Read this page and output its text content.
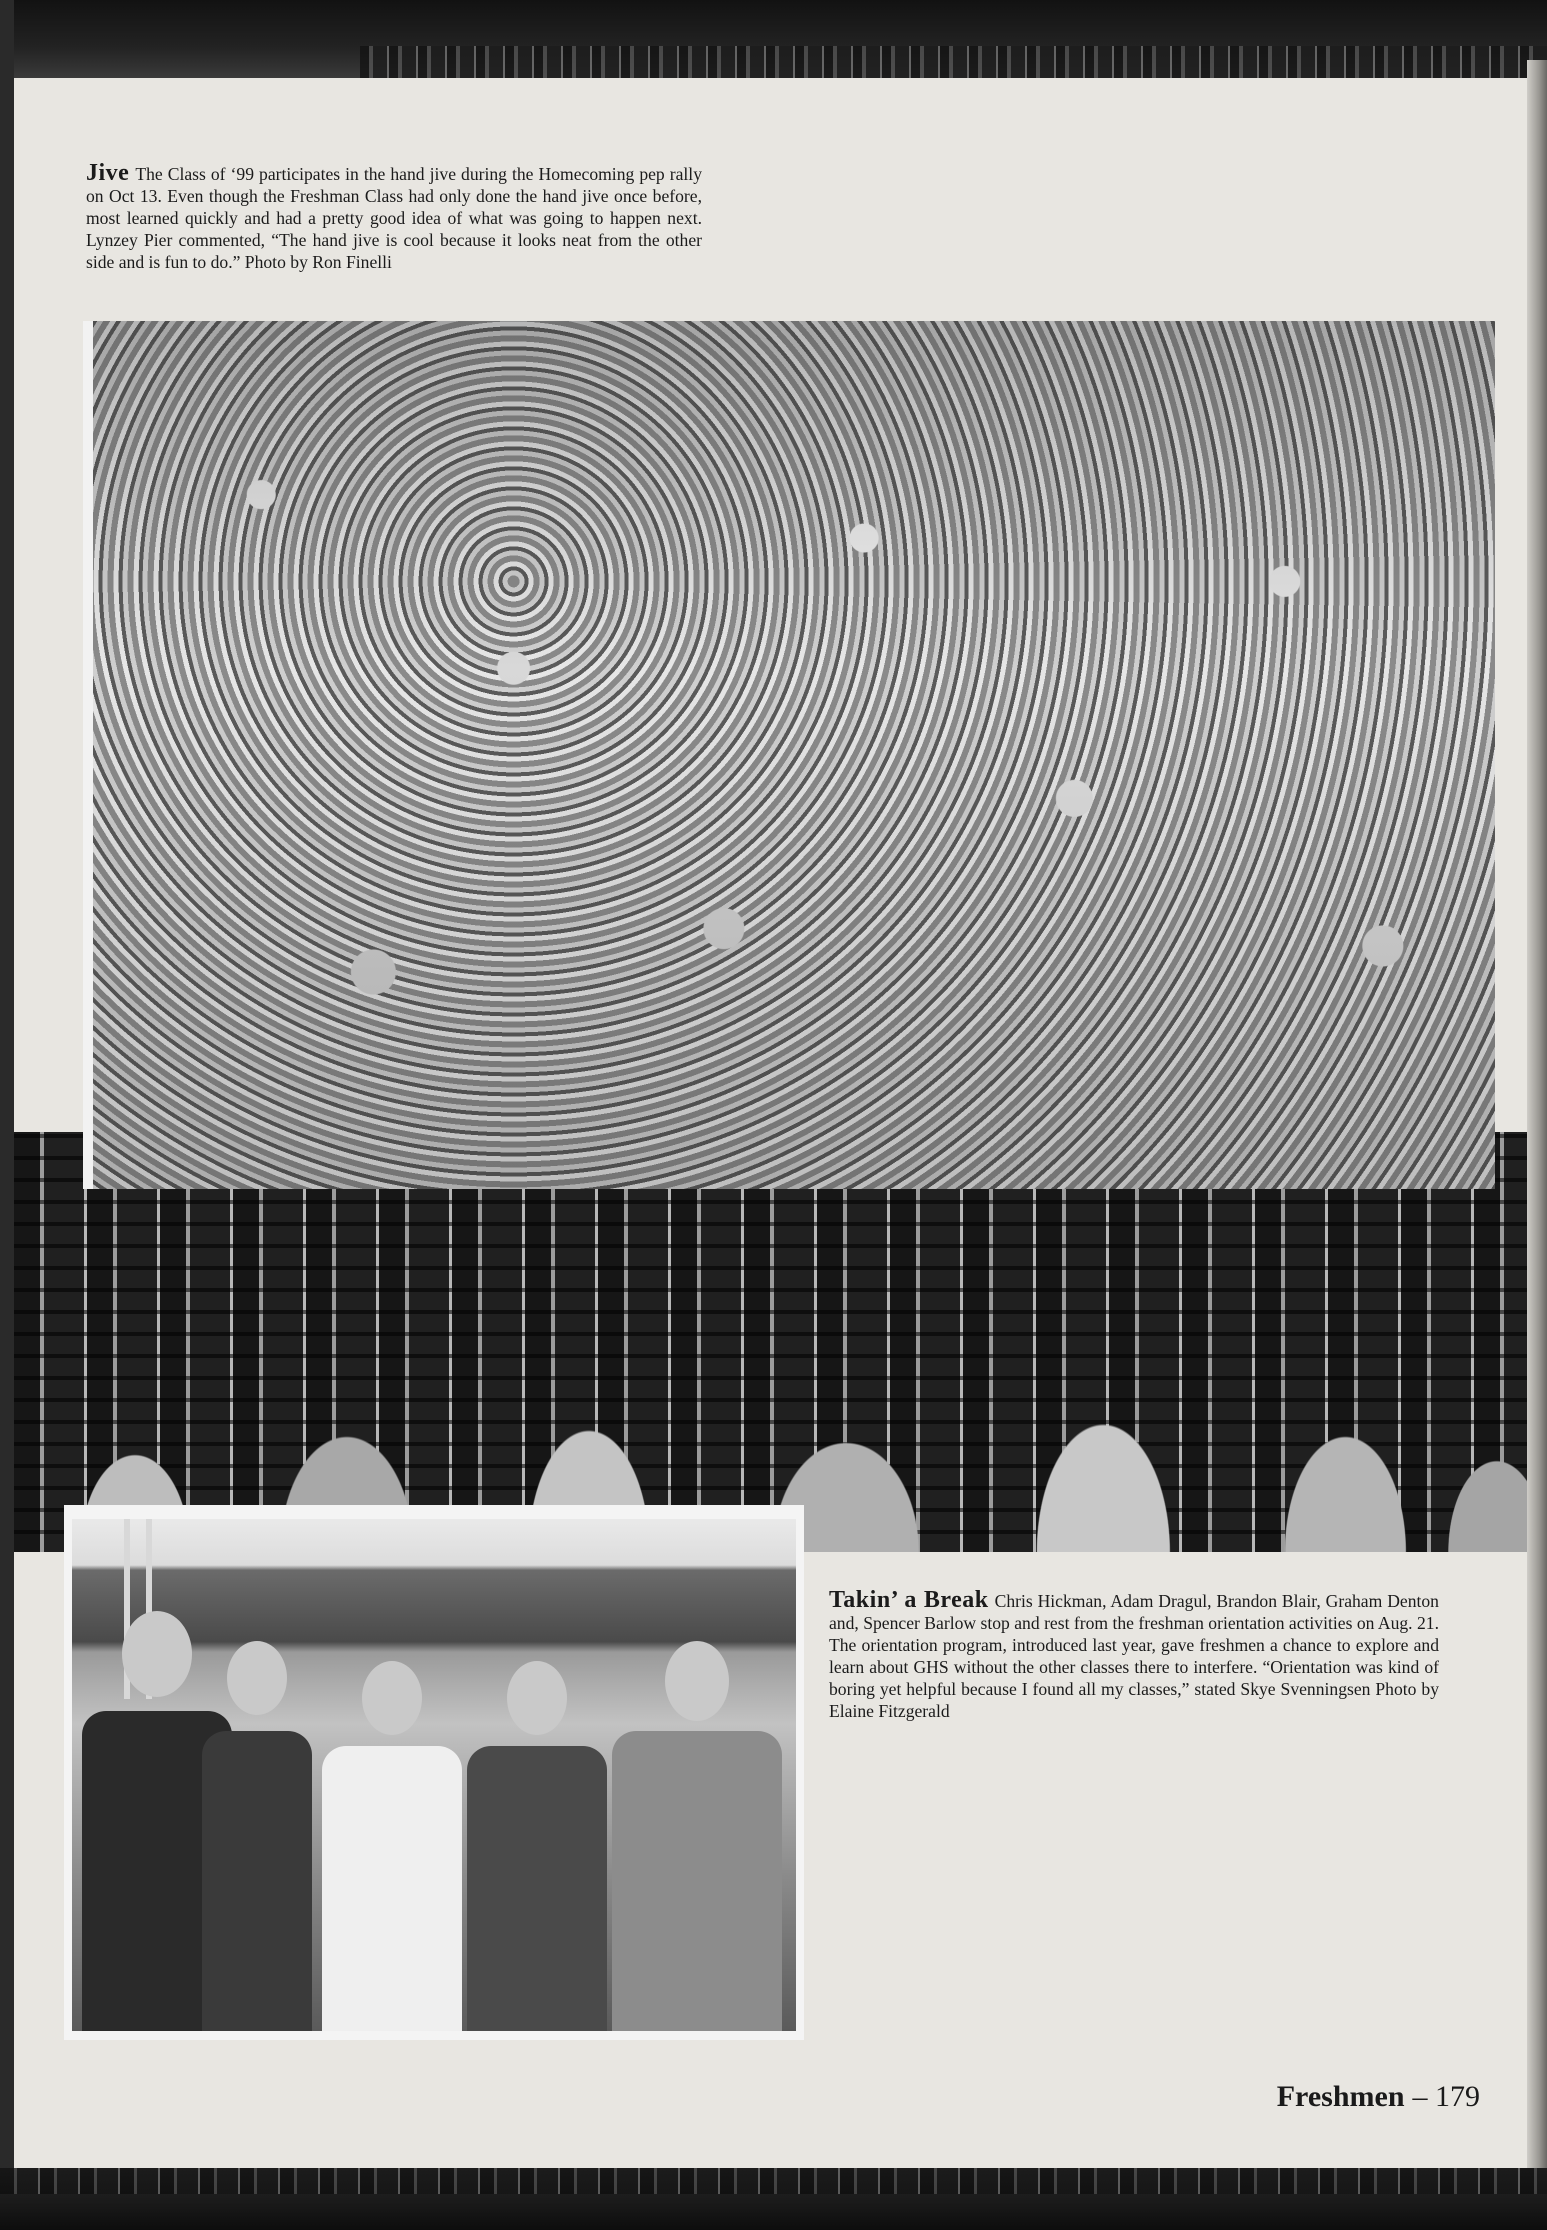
Jive The Class of ‘99 participates in the hand jive during the Homecoming pep rally on Oct 13. Even though the Freshman Class had only done the hand jive once before, most learned quickly and had a pretty good idea of what was going to happen next. Lynzey Pier commented, “The hand jive is cool because it looks neat from the other side and is fun to do.” Photo by Ron Finelli

Takin’ a Break Chris Hickman, Adam Dragul, Brandon Blair, Graham Denton and, Spencer Barlow stop and rest from the freshman orientation activities on Aug. 21. The orientation program, introduced last year, gave freshmen a chance to explore and learn about GHS without the other classes there to interfere. “Orientation was kind of boring yet helpful because I found all my classes,” stated Skye Svenningsen Photo by Elaine Fitzgerald

Freshmen – 179
